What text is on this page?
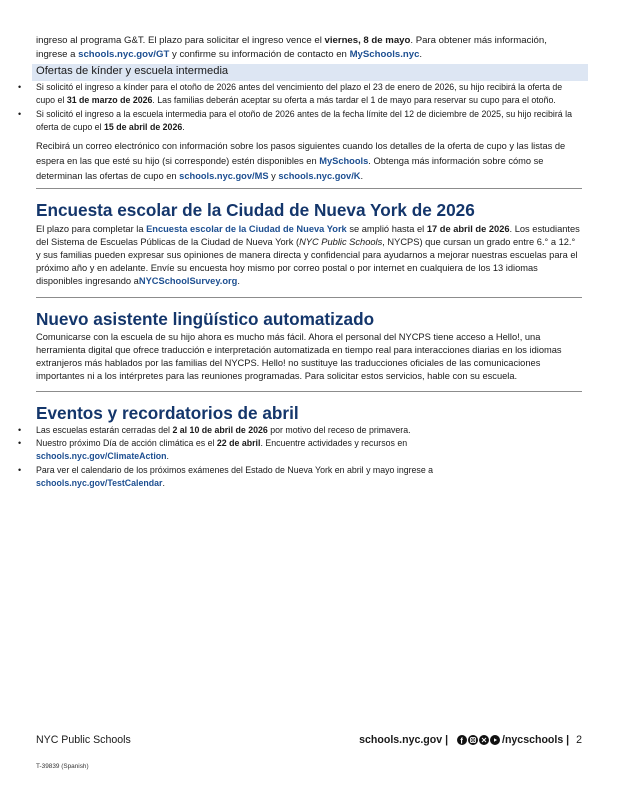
ingreso al programa G&T. El plazo para solicitar el ingreso vence el viernes, 8 de mayo. Para obtener más información,
ingrese a schools.nyc.gov/GT y confirme su información de contacto en MySchools.nyc.

Ofertas de kínder y escuela intermedia
• Si solicitó el ingreso a kínder para el otoño de 2026 antes del vencimiento del plazo el 23 de enero de 2026, su hijo recibirá la oferta de cupo el 31 de marzo de 2026. Las familias deberán aceptar su oferta a más tardar el 1 de mayo para reservar su cupo para el otoño.
• Si solicitó el ingreso a la escuela intermedia para el otoño de 2026 antes de la fecha límite del 12 de diciembre de 2025, su hijo recibirá la oferta de cupo el 15 de abril de 2026.

Recibirá un correo electrónico con información sobre los pasos siguientes cuando los detalles de la oferta de cupo y las listas de espera en las que esté su hijo (si corresponde) estén disponibles en MySchools. Obtenga más información sobre cómo se determinan las ofertas de cupo en schools.nyc.gov/MS y schools.nyc.gov/K.

Encuesta escolar de la Ciudad de Nueva York de 2026

El plazo para completar la Encuesta escolar de la Ciudad de Nueva York se amplió hasta el 17 de abril de 2026. Los estudiantes del Sistema de Escuelas Públicas de la Ciudad de Nueva York (NYC Public Schools, NYCPS) que cursan un grado entre 6.° a 12.° y sus familias pueden expresar sus opiniones de manera directa y confidencial para ayudarnos a mejorar nuestras escuelas para el próximo año y en adelante. Envíe su encuesta hoy mismo por correo postal o por internet en cualquiera de los 13 idiomas disponibles ingresando aNYCSchoolSurvey.org.

Nuevo asistente lingüístico automatizado

Comunicarse con la escuela de su hijo ahora es mucho más fácil. Ahora el personal del NYCPS tiene acceso a Hello!, una herramienta digital que ofrece traducción e interpretación automatizada en tiempo real para interacciones diarias en los idiomas extranjeros más hablados por las familias del NYCPS. Hello! no sustituye las traducciones oficiales de las comunicaciones importantes ni a los intérpretes para las reuniones programadas. Para solicitar estos servicios, hable con su escuela.

Eventos y recordatorios de abril
• Las escuelas estarán cerradas del 2 al 10 de abril de 2026 por motivo del receso de primavera.
• Nuestro próximo Día de acción climática es el 22 de abril. Encuentre actividades y recursos en
schools.nyc.gov/ClimateAction.
• Para ver el calendario de los próximos exámenes del Estado de Nueva York en abril y mayo ingrese a
schools.nyc.gov/TestCalendar.
NYC Public Schools	schools.nyc.gov | f	/nycschools | 2
T-39839 (Spanish)
